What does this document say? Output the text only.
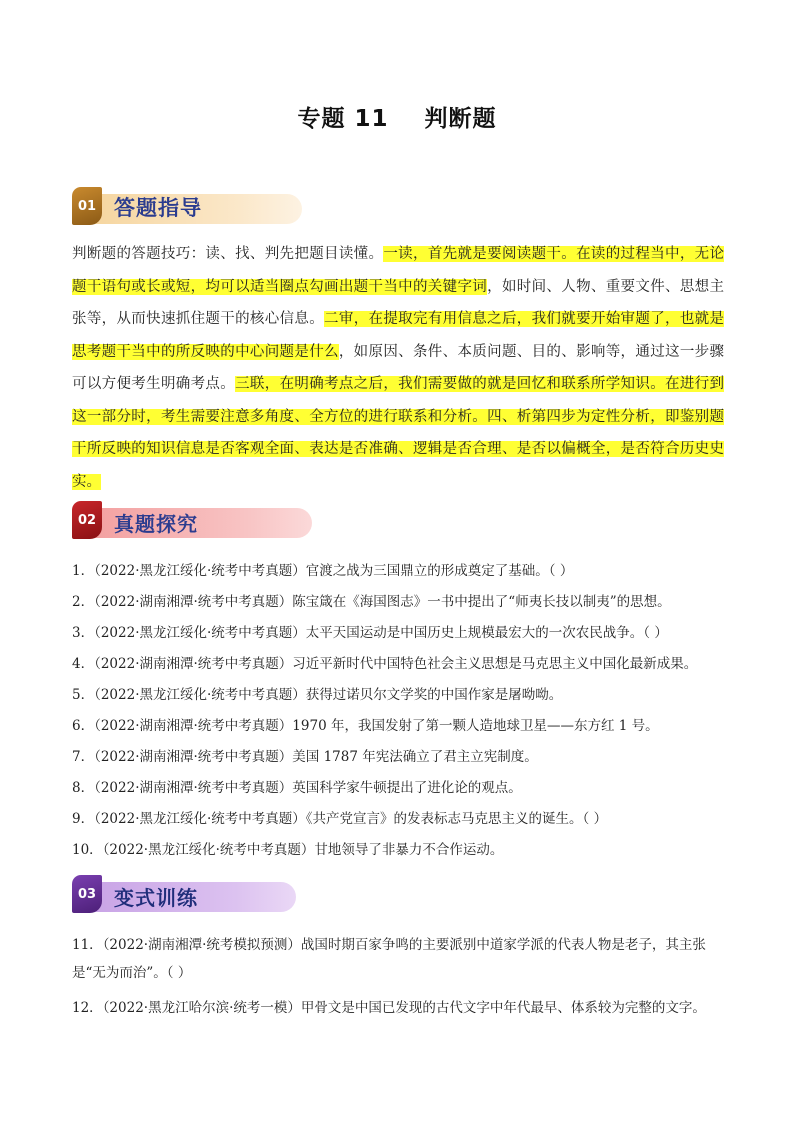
专题 11 判断题
01 答题指导
判断题的答题技巧：读、找、判先把题目读懂。一读，首先就是要阅读题干。在读的过程当中，无论题干语句或长或短，均可以适当圈点勾画出题干当中的关键字词，如时间、人物、重要文件、思想主张等，从而快速抓住题干的核心信息。二审，在提取完有用信息之后，我们就要开始审题了，也就是思考题干当中的所反映的中心问题是什么，如原因、条件、本质问题、目的、影响等，通过这一步骤可以方便考生明确考点。三联，在明确考点之后，我们需要做的就是回忆和联系所学知识。在进行到这一部分时，考生需要注意多角度、全方位的进行联系和分析。四、析第四步为定性分析，即鉴别题干所反映的知识信息是否客观全面、表达是否准确、逻辑是否合理、是否以偏概全，是否符合历史史实。
02 真题探究
1．（2022·黑龙江绥化·统考中考真题）官渡之战为三国鼎立的形成奠定了基础。（ ）
2．（2022·湖南湘潭·统考中考真题）陈宝箴在《海国图志》一书中提出了“师夷长技以制夷”的思想。
3．（2022·黑龙江绥化·统考中考真题）太平天国运动是中国历史上规模最宏大的一次农民战争。（ ）
4．（2022·湖南湘潭·统考中考真题）习近平新时代中国特色社会主义思想是马克思主义中国化最新成果。
5．（2022·黑龙江绥化·统考中考真题）获得过诺贝尔文学奖的中国作家是屠呦呦。
6．（2022·湖南湘潭·统考中考真题）1970 年，我国发射了第一颗人造地球卫星——东方红 1 号。
7．（2022·湖南湘潭·统考中考真题）美国 1787 年宪法确立了君主立宪制度。
8．（2022·湖南湘潭·统考中考真题）英国科学家牛顿提出了进化论的观点。
9．（2022·黑龙江绥化·统考中考真题）《共产党宣言》的发表标志马克思主义的诞生。（ ）
10．（2022·黑龙江绥化·统考中考真题）甘地领导了非暴力不合作运动。
03 变式训练
11．（2022·湖南湘潭·统考模拟预测）战国时期百家争鸣的主要派别中道家学派的代表人物是老子，其主张是“无为而治”。（ ）
12．（2022·黑龙江哈尔滨·统考一模）甲骨文是中国已发现的古代文字中年代最早、体系较为完整的文字。
